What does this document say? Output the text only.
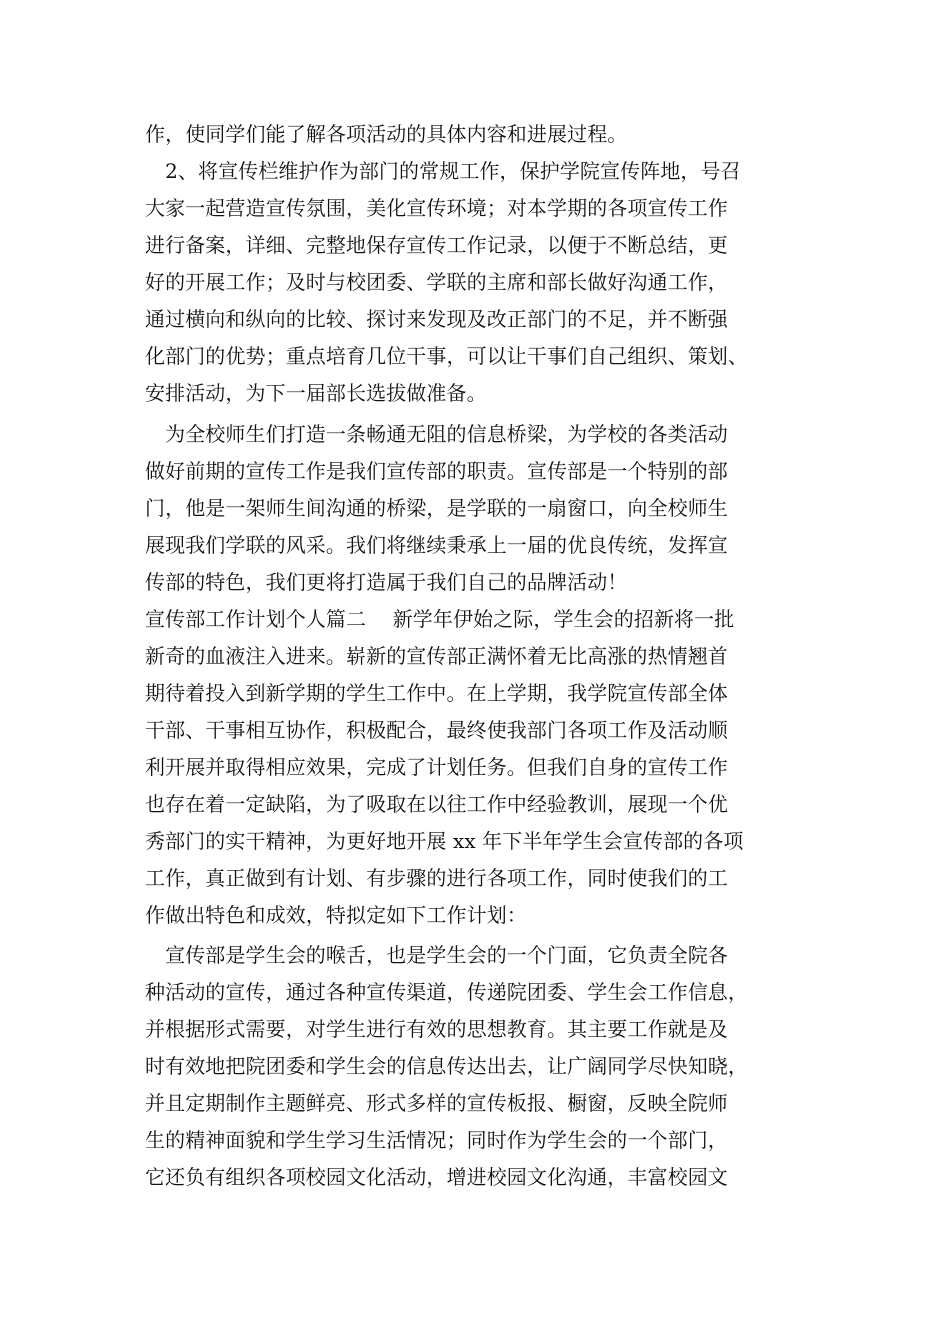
作，使同学们能了解各项活动的具体内容和进展过程。
　2、将宣传栏维护作为部门的常规工作，保护学院宣传阵地，号召
大家一起营造宣传氛围，美化宣传环境；对本学期的各项宣传工作
进行备案，详细、完整地保存宣传工作记录，以便于不断总结，更
好的开展工作；及时与校团委、学联的主席和部长做好沟通工作，
通过横向和纵向的比较、探讨来发现及改正部门的不足，并不断强
化部门的优势；重点培育几位干事，可以让干事们自己组织、策划、
安排活动，为下一届部长选拔做准备。
　为全校师生们打造一条畅通无阻的信息桥梁，为学校的各类活动
做好前期的宣传工作是我们宣传部的职责。宣传部是一个特别的部
门，他是一架师生间沟通的桥梁，是学联的一扇窗口，向全校师生
展现我们学联的风采。我们将继续秉承上一届的优良传统，发挥宣
传部的特色，我们更将打造属于我们自己的品牌活动！
宣传部工作计划个人篇二　 新学年伊始之际，学生会的招新将一批
新奇的血液注入进来。崭新的宣传部正满怀着无比高涨的热情翘首
期待着投入到新学期的学生工作中。在上学期，我学院宣传部全体
干部、干事相互协作，积极配合，最终使我部门各项工作及活动顺
利开展并取得相应效果，完成了计划任务。但我们自身的宣传工作
也存在着一定缺陷，为了吸取在以往工作中经验教训，展现一个优
秀部门的实干精神，为更好地开展 xx 年下半年学生会宣传部的各项
工作，真正做到有计划、有步骤的进行各项工作，同时使我们的工
作做出特色和成效，特拟定如下工作计划：
　宣传部是学生会的喉舌，也是学生会的一个门面，它负责全院各
种活动的宣传，通过各种宣传渠道，传递院团委、学生会工作信息，
并根据形式需要，对学生进行有效的思想教育。其主要工作就是及
时有效地把院团委和学生会的信息传达出去，让广阔同学尽快知晓，
并且定期制作主题鲜亮、形式多样的宣传板报、橱窗，反映全院师
生的精神面貌和学生学习生活情况；同时作为学生会的一个部门，
它还负有组织各项校园文化活动，增进校园文化沟通，丰富校园文
